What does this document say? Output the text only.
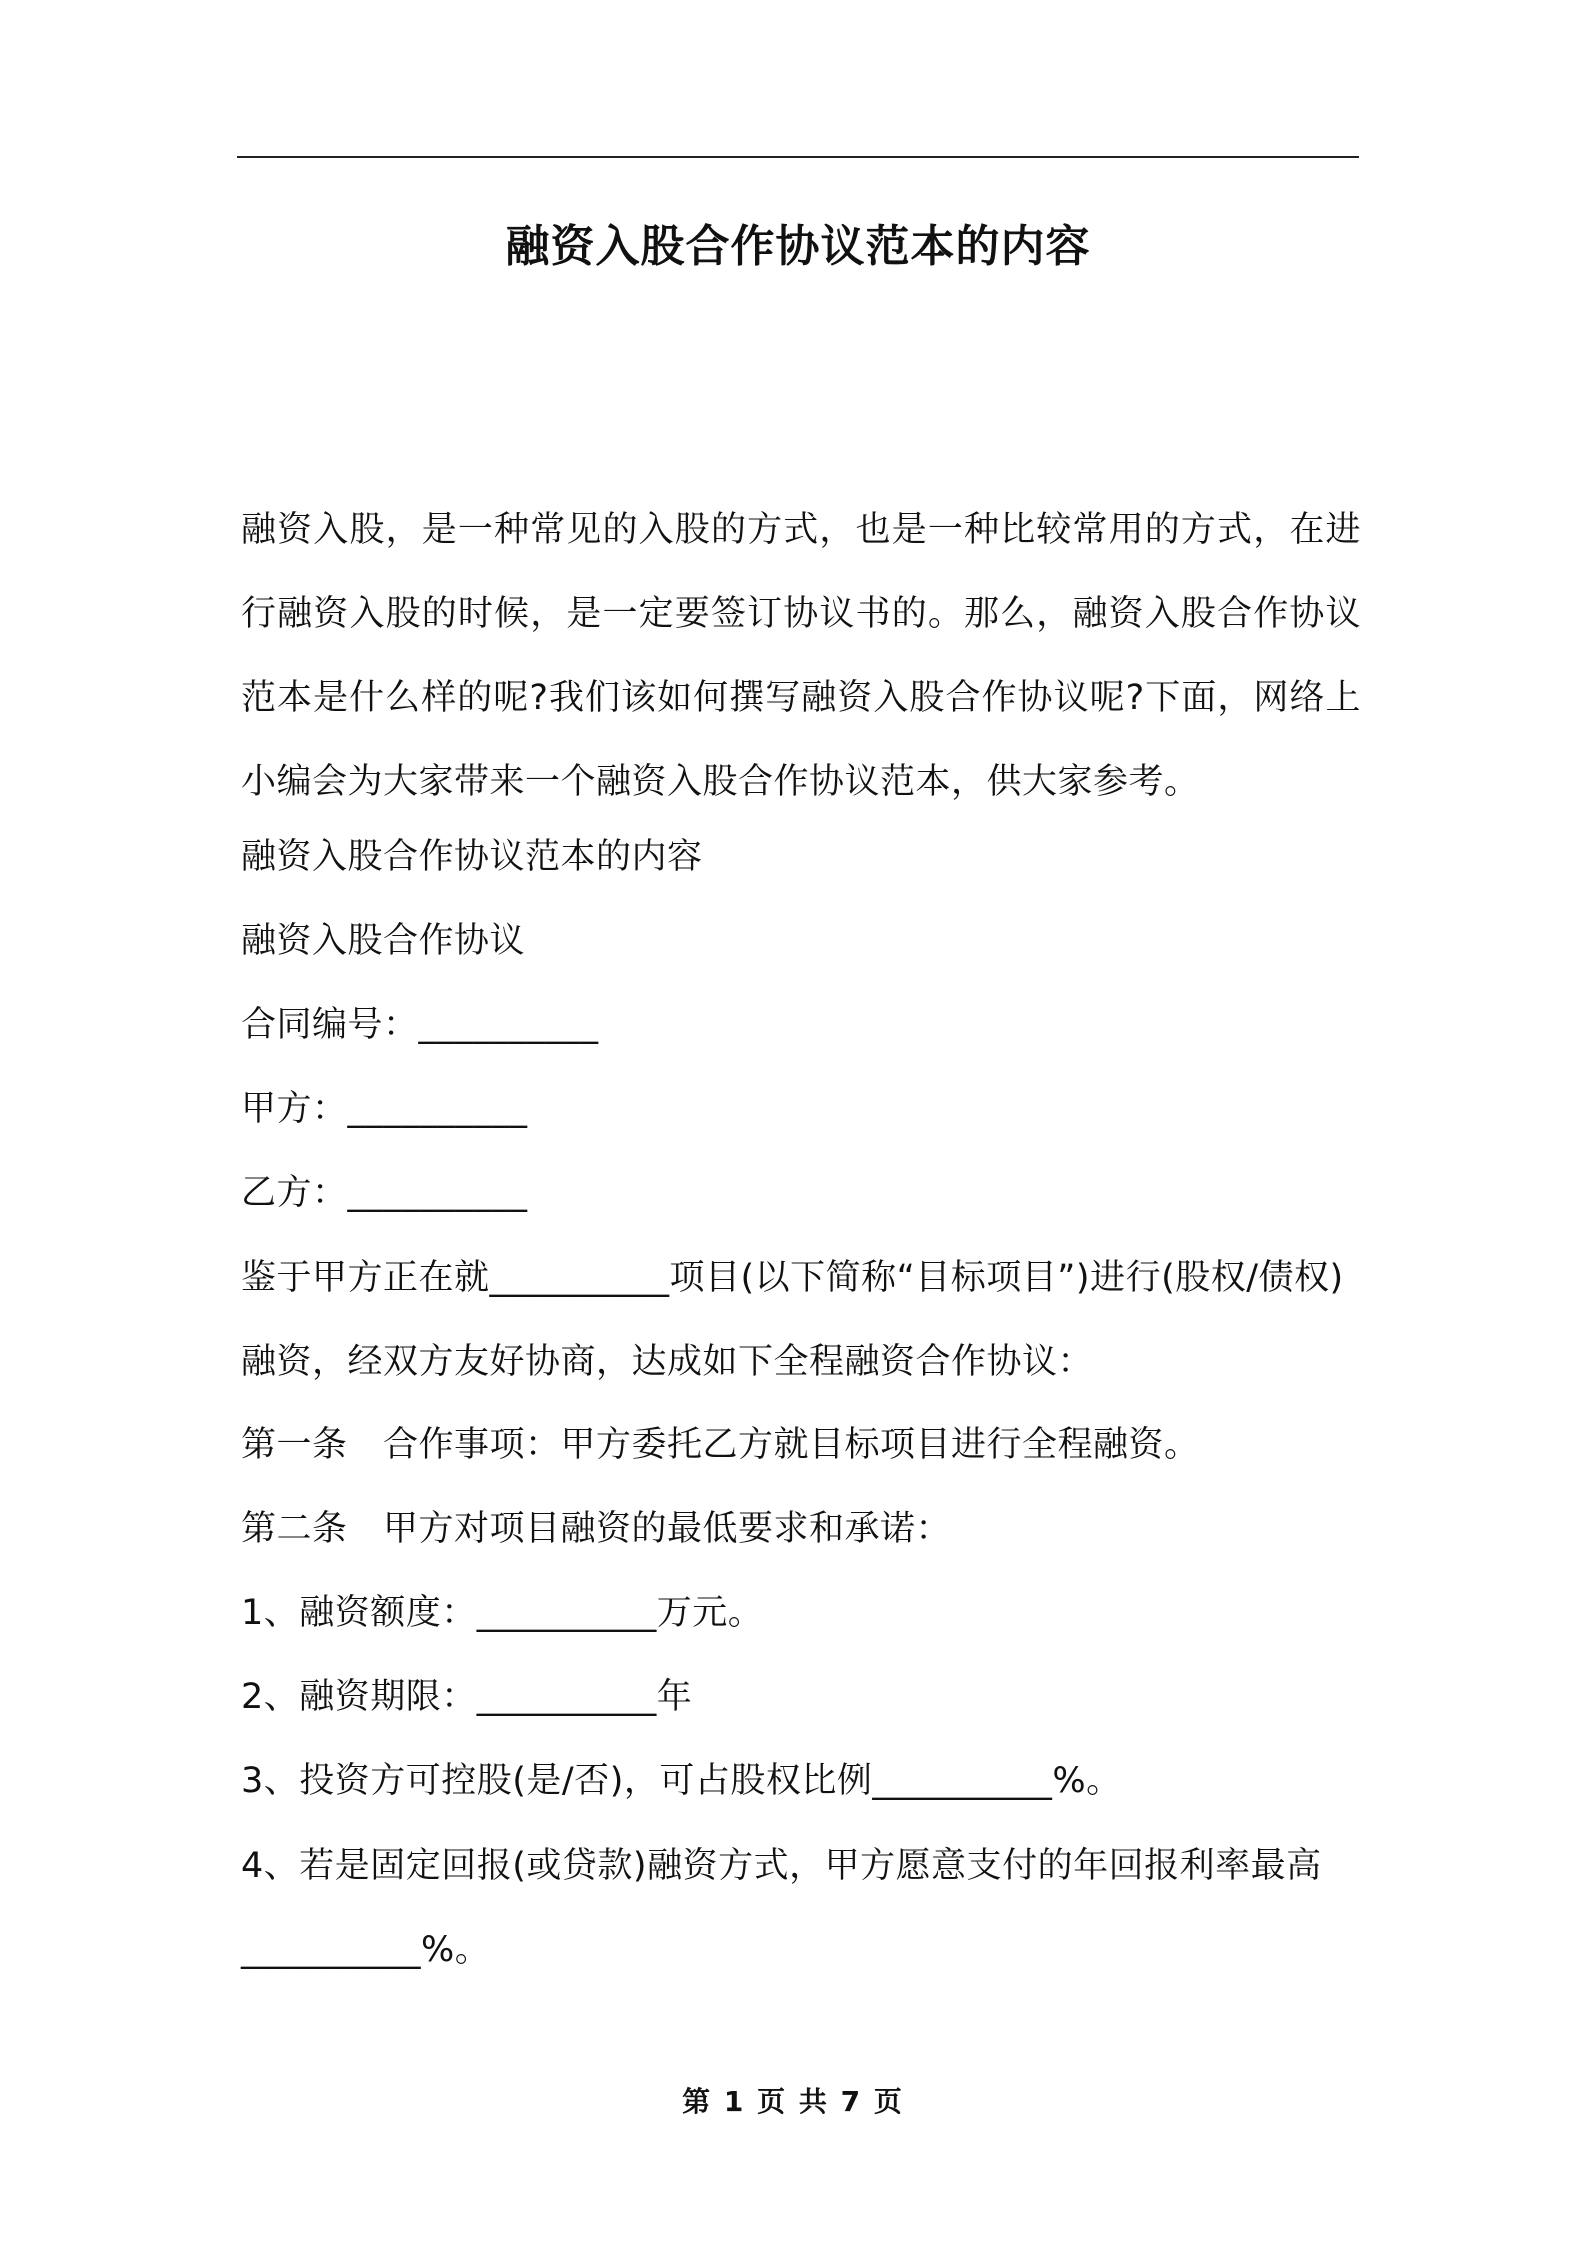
融资入股合作协议范本的内容
融资入股，是一种常见的入股的方式，也是一种比较常用的方式，在进行融资入股的时候，是一定要签订协议书的。那么，融资入股合作协议范本是什么样的呢?我们该如何撰写融资入股合作协议呢?下面，网络上小编会为大家带来一个融资入股合作协议范本，供大家参考。
融资入股合作协议范本的内容
融资入股合作协议
合同编号：__________
甲方：__________
乙方：__________
鉴于甲方正在就__________项目(以下简称“目标项目”)进行(股权/债权)融资，经双方友好协商，达成如下全程融资合作协议：
第一条　合作事项：甲方委托乙方就目标项目进行全程融资。
第二条　甲方对项目融资的最低要求和承诺：
1、融资额度：__________万元。
2、融资期限：__________年
3、投资方可控股(是/否)，可占股权比例__________%。
4、若是固定回报(或贷款)融资方式，甲方愿意支付的年回报利率最高__________%。
第 1 页 共 7 页
